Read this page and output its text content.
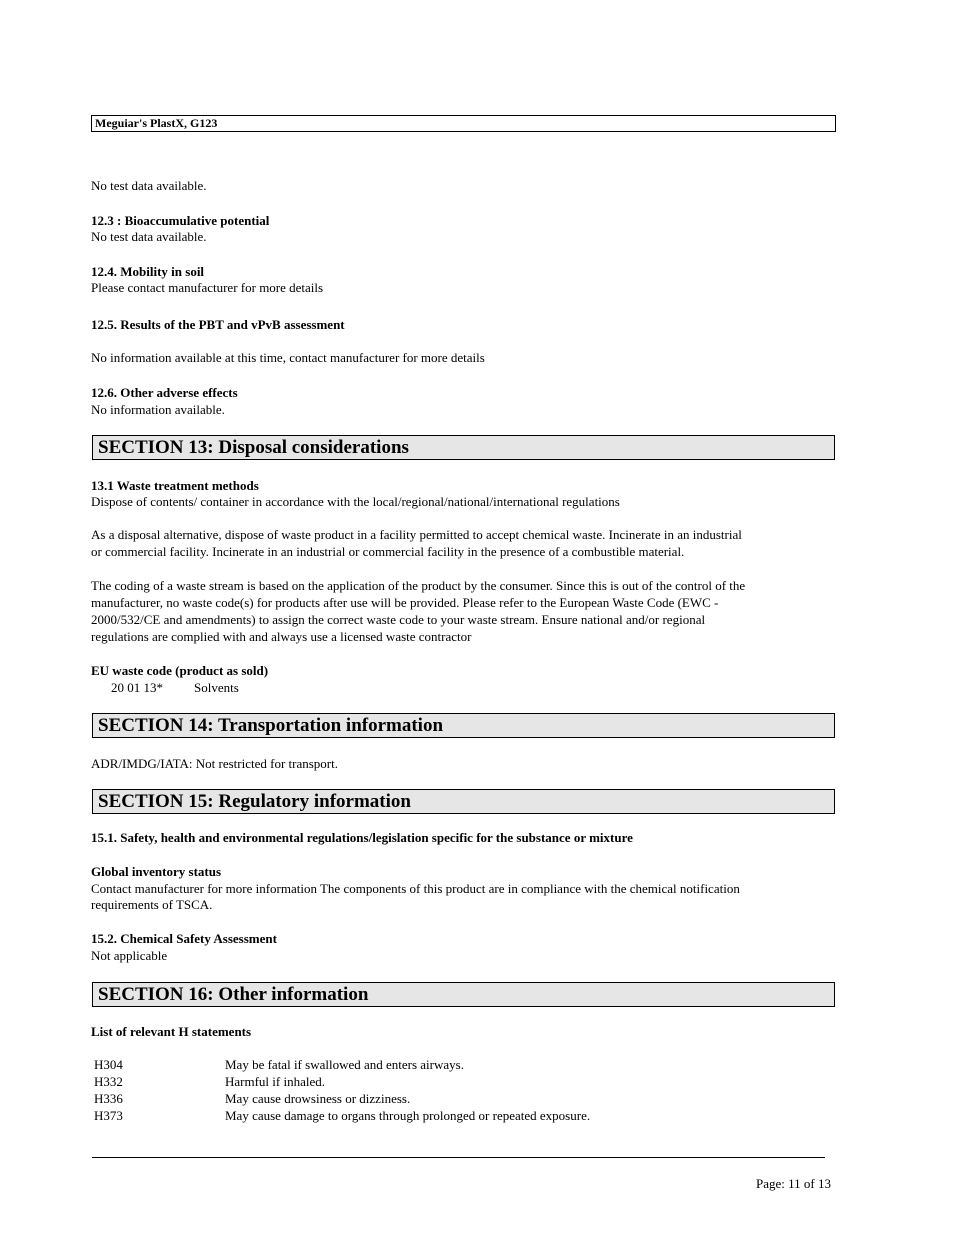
Meguiar's PlastX, G123
No test data available.
12.3 : Bioaccumulative potential
No test data available.
12.4. Mobility in soil
Please contact manufacturer for more details
12.5. Results of the PBT and vPvB assessment
No information available at this time, contact manufacturer for more details
12.6. Other adverse effects
No information available.
SECTION 13: Disposal considerations
13.1 Waste treatment methods
Dispose of contents/ container in accordance with the local/regional/national/international regulations
As a disposal alternative, dispose of waste product in a facility permitted to accept chemical waste. Incinerate in an industrial
or commercial facility. Incinerate in an industrial or commercial facility in the presence of a combustible material.
The coding of a waste stream is based on the application of the product by the consumer. Since this is out of the control of the
manufacturer, no waste code(s) for products after use will be provided. Please refer to the European Waste Code (EWC -
2000/532/CE and amendments) to assign the correct waste code to your waste stream. Ensure national and/or regional
regulations are complied with and always use a licensed waste contractor
EU waste code (product as sold)
20 01 13* Solvents
SECTION 14: Transportation information
ADR/IMDG/IATA: Not restricted for transport.
SECTION 15: Regulatory information
15.1. Safety, health and environmental regulations/legislation specific for the substance or mixture
Global inventory status
Contact manufacturer for more information The components of this product are in compliance with the chemical notification
requirements of TSCA.
15.2. Chemical Safety Assessment
Not applicable
SECTION 16: Other information
List of relevant H statements
H304	May be fatal if swallowed and enters airways.
H332	Harmful if inhaled.
H336	May cause drowsiness or dizziness.
H373	May cause damage to organs through prolonged or repeated exposure.
Page: 11 of 13
